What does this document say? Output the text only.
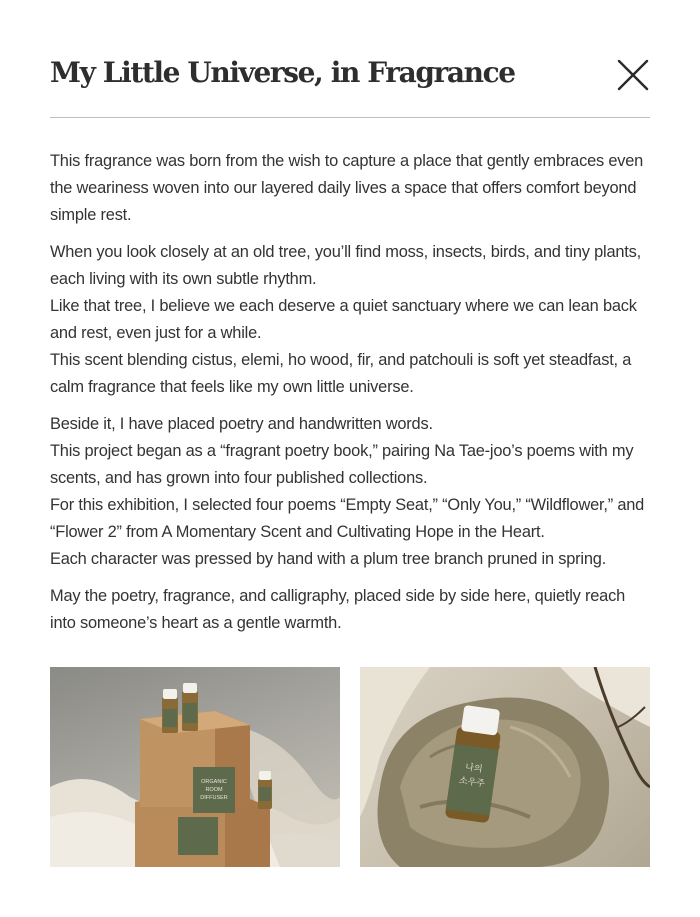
My Little Universe, in Fragrance

This fragrance was born from the wish to capture a place that gently embraces even the weariness woven into our layered daily lives a space that offers comfort beyond simple rest.

When you look closely at an old tree, you’ll find moss, insects, birds, and tiny plants, each living with its own subtle rhythm.
Like that tree, I believe we each deserve a quiet sanctuary where we can lean back and rest, even just for a while.
This scent blending cistus, elemi, ho wood, fir, and patchouli is soft yet steadfast, a calm fragrance that feels like my own little universe.

Beside it, I have placed poetry and handwritten words.
This project began as a “fragrant poetry book,” pairing Na Tae-joo’s poems with my scents, and has grown into four published collections.
For this exhibition, I selected four poems “Empty Seat,” “Only You,” “Wildflower,” and “Flower 2” from A Momentary Scent and Cultivating Hope in the Heart.
Each character was pressed by hand with a plum tree branch pruned in spring.

May the poetry, fragrance, and calligraphy, placed side by side here, quietly reach into someone’s heart as a gentle warmth.

ORGANIC
ROOM
DIFFUSER
나의
소우주
